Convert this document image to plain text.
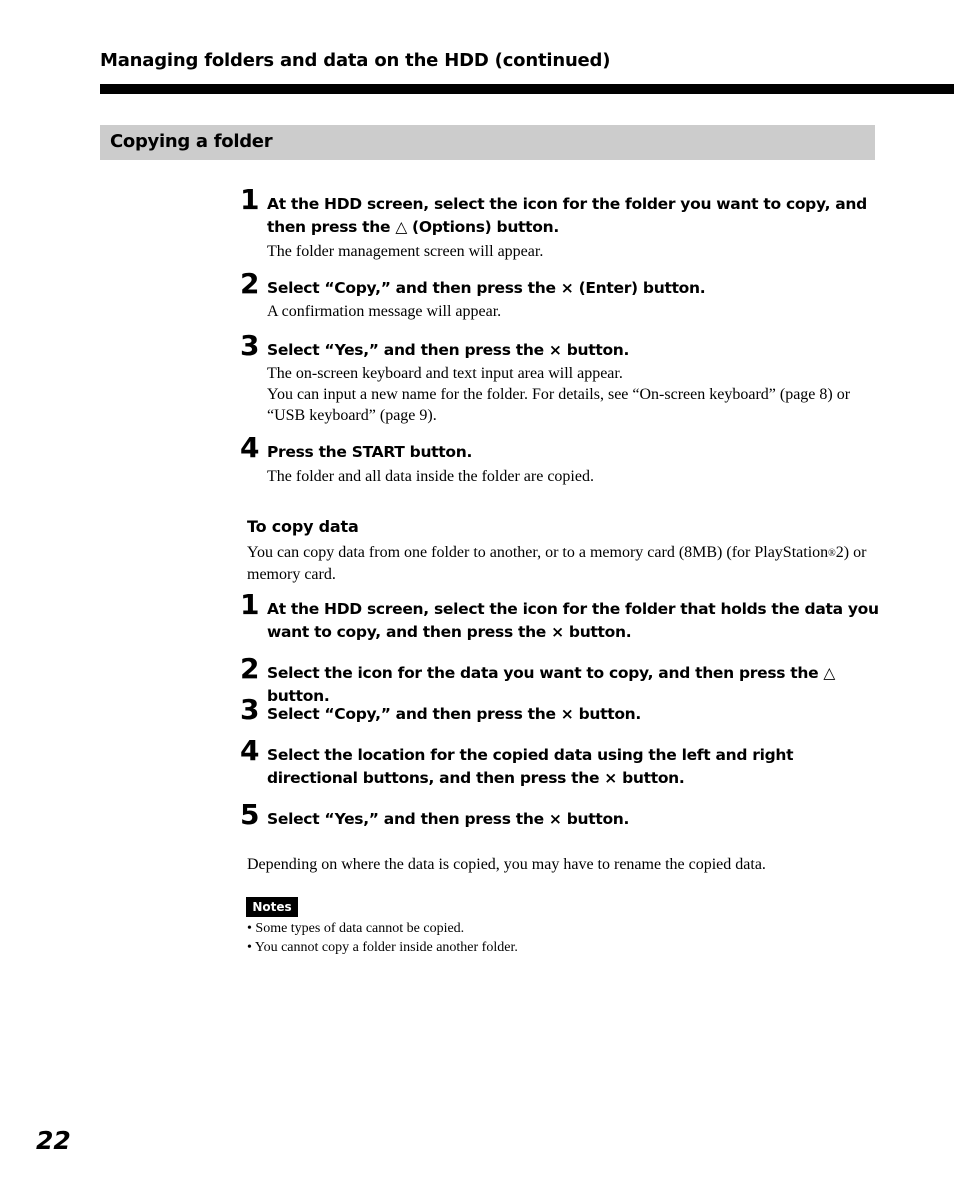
Managing folders and data on the HDD (continued)
Copying a folder
1 At the HDD screen, select the icon for the folder you want to copy, and then press the △ (Options) button.
The folder management screen will appear.
2 Select “Copy,” and then press the × (Enter) button.
A confirmation message will appear.
3 Select “Yes,” and then press the × button.
The on-screen keyboard and text input area will appear.
You can input a new name for the folder. For details, see “On-screen keyboard” (page 8) or “USB keyboard” (page 9).
4 Press the START button.
The folder and all data inside the folder are copied.
To copy data
You can copy data from one folder to another, or to a memory card (8MB) (for PlayStation®2) or memory card.
1 At the HDD screen, select the icon for the folder that holds the data you want to copy, and then press the × button.
2 Select the icon for the data you want to copy, and then press the △ button.
3 Select “Copy,” and then press the × button.
4 Select the location for the copied data using the left and right directional buttons, and then press the × button.
5 Select “Yes,” and then press the × button.
Depending on where the data is copied, you may have to rename the copied data.
Notes
• Some types of data cannot be copied.
• You cannot copy a folder inside another folder.
22
